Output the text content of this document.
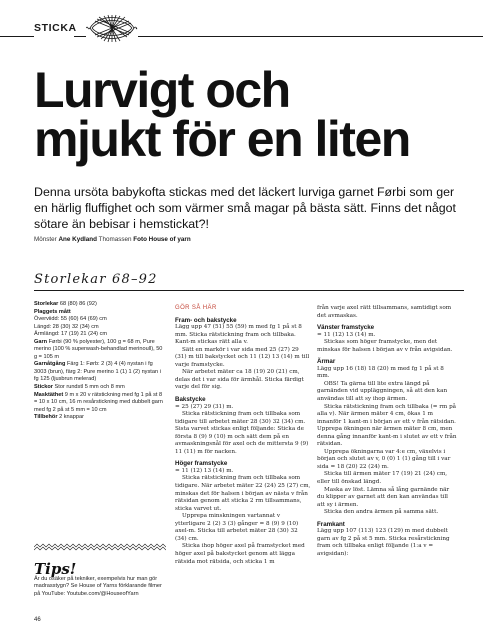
STICKA
Lurvigt och
mjukt för en liten
Denna ursöta babykofta stickas med det läckert lurviga garnet Førbi som ger en härlig fluffighet och som värmer små magar på bästa sätt. Finns det något sötare än bebisar i hemstickat?!
Mönster Ane Kydland Thomassen Foto House of yarn
Storlekar 68–92

Storlekar 68 (80) 86 (92)

Plaggets mått

Överviidd: 55 (60) 64 (69) cm

Längd: 28 (30) 32 (34) cm

Ärmlängd: 17 (19) 21 (24) cm

Garn Førbi (90 % polyester), 100 g = 68 m, Pure merino (100 % superwash-behandlad merinoull), 50 g = 105 m

Garnåtgång Färg 1: Førb: 2 (3) 4 (4) nystan i fg 3003 (brun), färg 2: Pure merino 1 (1) 1 (2) nystan i fg 125 (ljusbrun melerad)

Stickor Stor rundstl 5 mm och 8 mm

Masktäthet 9 m x 20 v rätstickning med fg 1 på st 8 = 10 x 10 cm, 16 m resårstickning med dubbelt garn med fg 2 på st 5 mm = 10 cm

Tillbehör 2 knappar

Tips!
Är du osäker på tekniker, exempelvis hur man gör madrasstygn? Se House of Yarns förklarande filmer på YouTube: Youtube.com/@HouseofYarn
46
GÖR SÅ HÄR
Fram- och bakstycke

Lägg upp 47 (51) 55 (59) m med fg 1 på st 8 mm. Sticka rätstickning fram och tillbaka. Kant-m stickas rätt alla v.

Sätt en markör i var sida med 25 (27) 29 (31) m till bakstycket och 11 (12) 13 (14) m till varje framstycke.

När arbetet mäter ca 18 (19) 20 (21) cm, delas det i var sida för ärmhål. Sticka färdigt varje del för sig.

Bakstycke

= 25 (27) 29 (31) m.

Sticka rätstickning fram och tillbaka som tidigare till arbetet mäter 28 (30) 32 (34) cm. Sista varvet stickas enligt följande: Sticka de första 8 (9) 9 (10) m och sätt dem på en avmaskningsnål för axel och de mittersta 9 (9) 11 (11) m för nacken.

Höger framstycke

= 11 (12) 13 (14) m.

Sticka rätstickning fram och tillbaka som tidigare. När arbetet mäter 22 (24) 25 (27) cm, minskas det för halsen i början av nästa v från rätsidan genom att sticka 2 rm tillsammans, sticka varvet ut.

Upprepa minskningen vartannat v ytterligare 2 (2) 3 (3) gånger = 8 (9) 9 (10) axel-m. Sticka till arbetet mäter 28 (30) 32 (34) cm.

Sticka ihop höger axel på framstycket med höger axel på bakstycket genom att lägga rätsida mot rätsida, och sticka 1 m

från varje axel rätt tillsammans, samtidigt som det avmaskas.

Vänster framstycke

= 11 (12) 13 (14) m.

Stickas som höger framstycke, men det minskas för halsen i början av v från avigsidan.

Ärmar

Lägg upp 16 (18) 18 (20) m med fg 1 på st 8 mm.

OBS! Ta gärna till lite extra längd på garnänden vid uppläggningen, så att den kan användas till att sy ihop ärmen.

Sticka rätstickning fram och tillbaka (= rm på alla v). När ärmen mäter 4 cm, ökas 1 m innanför 1 kant-m i början av ett v från rätsidan. Upprepa ökningen när ärmen mäter 8 cm, men denna gång innanför kant-m i slutet av ett v från rätsidan.

Upprepa ökningarna var 4:e cm, växelvis i början och slutet av v, 0 (0) 1 (1) gång till i var sida = 18 (20) 22 (24) m.

Sticka till ärmen mäter 17 (19) 21 (24) cm, eller till önskad längd.

Maska av löst. Lämna så lång garnände när du klipper av garnet att den kan användas till att sy i ärmen.

Sticka den andra ärmen på samma sätt.

Framkant

Lägg upp 107 (113) 123 (129) m med dubbelt garn av fg 2 på st 5 mm. Sticka resårstickning fram och tillbaka enligt följande (1:a v = avigsidan):
